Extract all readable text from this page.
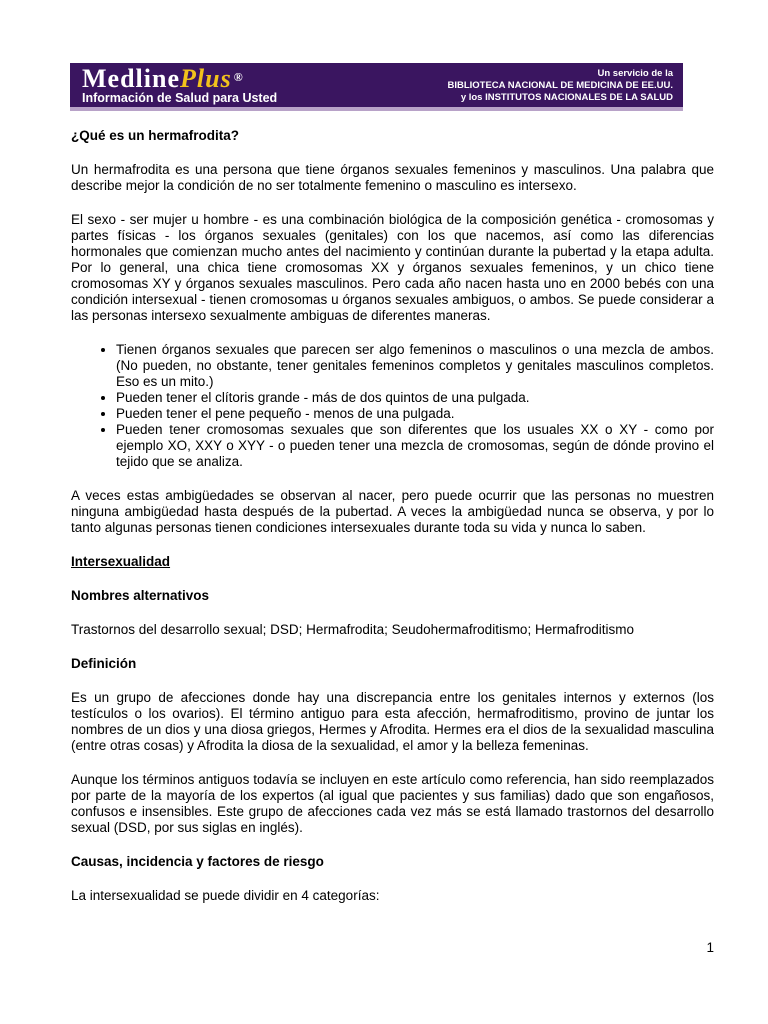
MedlinePlus ®
Información de Salud para Usted
Un servicio de la
BIBLIOTECA NACIONAL DE MEDICINA DE EE.UU.
y los INSTITUTOS NACIONALES DE LA SALUD
¿Qué es un hermafrodita?

Un hermafrodita es una persona que tiene órganos sexuales femeninos y masculinos. Una palabra que describe mejor la condición de no ser totalmente femenino o masculino es intersexo.

El sexo - ser mujer u hombre - es una combinación biológica de la composición genética - cromosomas y partes físicas - los órganos sexuales (genitales) con los que nacemos, así como las diferencias hormonales que comienzan mucho antes del nacimiento y continúan durante la pubertad y la etapa adulta. Por lo general, una chica tiene cromosomas XX y órganos sexuales femeninos, y un chico tiene cromosomas XY y órganos sexuales masculinos. Pero cada año nacen hasta uno en 2000 bebés con una condición intersexual - tienen cromosomas u órganos sexuales ambiguos, o ambos. Se puede considerar a las personas intersexo sexualmente ambiguas de diferentes maneras.

• Tienen órganos sexuales que parecen ser algo femeninos o masculinos o una mezcla de ambos. (No pueden, no obstante, tener genitales femeninos completos y genitales masculinos completos. Eso es un mito.)
• Pueden tener el clítoris grande - más de dos quintos de una pulgada.
• Pueden tener el pene pequeño - menos de una pulgada.
• Pueden tener cromosomas sexuales que son diferentes que los usuales XX o XY - como por ejemplo XO, XXY o XYY - o pueden tener una mezcla de cromosomas, según de dónde provino el tejido que se analiza.

A veces estas ambigüedades se observan al nacer, pero puede ocurrir que las personas no muestren ninguna ambigüedad hasta después de la pubertad. A veces la ambigüedad nunca se observa, y por lo tanto algunas personas tienen condiciones intersexuales durante toda su vida y nunca lo saben.

Intersexualidad
Nombres alternativos

Trastornos del desarrollo sexual; DSD; Hermafrodita; Seudohermafroditismo; Hermafroditismo

Definición

Es un grupo de afecciones donde hay una discrepancia entre los genitales internos y externos (los testículos o los ovarios). El término antiguo para esta afección, hermafroditismo, provino de juntar los nombres de un dios y una diosa griegos, Hermes y Afrodita. Hermes era el dios de la sexualidad masculina (entre otras cosas) y Afrodita la diosa de la sexualidad, el amor y la belleza femeninas.

Aunque los términos antiguos todavía se incluyen en este artículo como referencia, han sido reemplazados por parte de la mayoría de los expertos (al igual que pacientes y sus familias) dado que son engañosos, confusos e insensibles. Este grupo de afecciones cada vez más se está llamado trastornos del desarrollo sexual (DSD, por sus siglas en inglés).

Causas, incidencia y factores de riesgo

La intersexualidad se puede dividir en 4 categorías:

1
